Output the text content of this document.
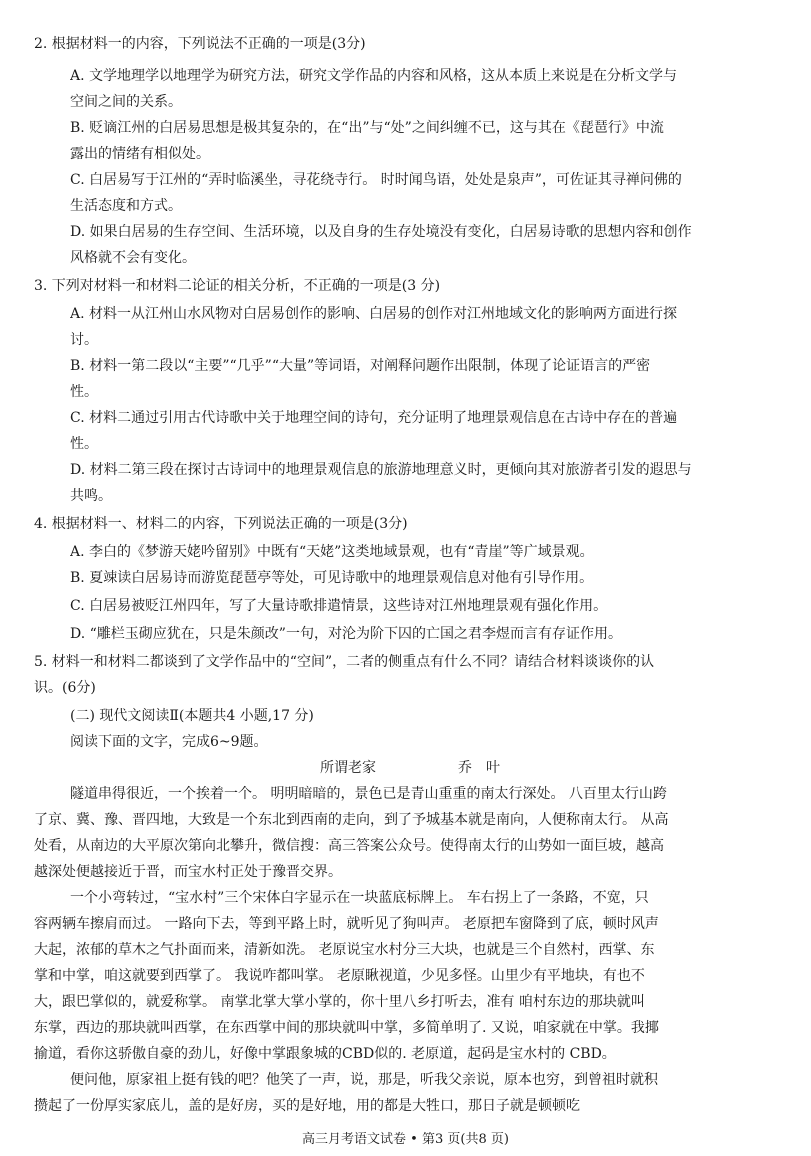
2. 根据材料一的内容，下列说法不正确的一项是(3分)
A. 文学地理学以地理学为研究方法，研究文学作品的内容和风格，这从本质上来说是在分析文学与
空间之间的关系。
B. 贬谪江州的白居易思想是极其复杂的，在“出”与“处”之间纠缠不已，这与其在《琵琶行》中流
露出的情绪有相似处。
C. 白居易写于江州的“弄时临溪坐，寻花绕寺行。 时时闻鸟语，处处是泉声”，可佐证其寻禅问佛的
生活态度和方式。
D. 如果白居易的生存空间、生活环境，以及自身的生存处境没有变化，白居易诗歌的思想内容和创作
风格就不会有变化。
3. 下列对材料一和材料二论证的相关分析，不正确的一项是(3 分)
A. 材料一从江州山水风物对白居易创作的影响、白居易的创作对江州地域文化的影响两方面进行探
讨。
B. 材料一第二段以“主要”“几乎”“大量”等词语，对阐释问题作出限制，体现了论证语言的严密
性。
C. 材料二通过引用古代诗歌中关于地理空间的诗句，充分证明了地理景观信息在古诗中存在的普遍
性。
D. 材料二第三段在探讨古诗词中的地理景观信息的旅游地理意义时，更倾向其对旅游者引发的遐思与
共鸣。
4. 根据材料一、材料二的内容，下列说法正确的一项是(3分)
A. 李白的《梦游天姥吟留别》中既有“天姥”这类地域景观，也有“青崖”等广域景观。
B. 夏竦读白居易诗而游览琵琶亭等处，可见诗歌中的地理景观信息对他有引导作用。
C. 白居易被贬江州四年，写了大量诗歌排遣情景，这些诗对江州地理景观有强化作用。
D. “雕栏玉砌应犹在，只是朱颜改”一句，对沦为阶下囚的亡国之君李煜而言有存证作用。
5. 材料一和材料二都谈到了文学作品中的“空间”，二者的侧重点有什么不同？请结合材料谈谈你的认
识。(6分)
(二) 现代文阅读Ⅱ(本题共4 小题,17 分)
阅读下面的文字，完成6~9题。
所谓老家	乔　叶
隧道串得很近，一个挨着一个。 明明暗暗的，景色已是青山重重的南太行深处。 八百里太行山跨
了京、冀、豫、晋四地，大致是一个东北到西南的走向，到了予城基本就是南向，人便称南太行。 从高
处看，从南边的大平原次第向北攀升，微信搜：高三答案公众号。使得南太行的山势如一面巨坡，越高
越深处便越接近于晋，而宝水村正处于豫晋交界。
一个小弯转过，“宝水村”三个宋体白字显示在一块蓝底标牌上。 车右拐上了一条路，不宽，只
容两辆车擦肩而过。 一路向下去，等到平路上时，就听见了狗叫声。 老原把车窗降到了底，顿时风声
大起，浓郁的草木之气扑面而来，清新如洗。 老原说宝水村分三大块，也就是三个自然村，西掌、东
掌和中掌，咱这就要到西掌了。 我说咋都叫掌。 老原瞅视道，少见多怪。山里少有平地块，有也不
大，跟巴掌似的，就爱称掌。 南掌北掌大掌小掌的，你十里八乡打听去，准有 咱村东边的那块就叫
东掌，西边的那块就叫西掌，在东西掌中间的那块就叫中掌，多简单明了. 又说，咱家就在中掌。我揶
揄道，看你这骄傲自豪的劲儿，好像中掌跟象城的CBD似的. 老原道，起码是宝水村的 CBD。
便问他，原家祖上挺有钱的吧？他笑了一声，说，那是，听我父亲说，原本也穷，到曾祖时就积
攒起了一份厚实家底儿，盖的是好房，买的是好地，用的都是大牲口，那日子就是顿顿吃
高三月考语文试卷 • 第3 页(共8 页)
